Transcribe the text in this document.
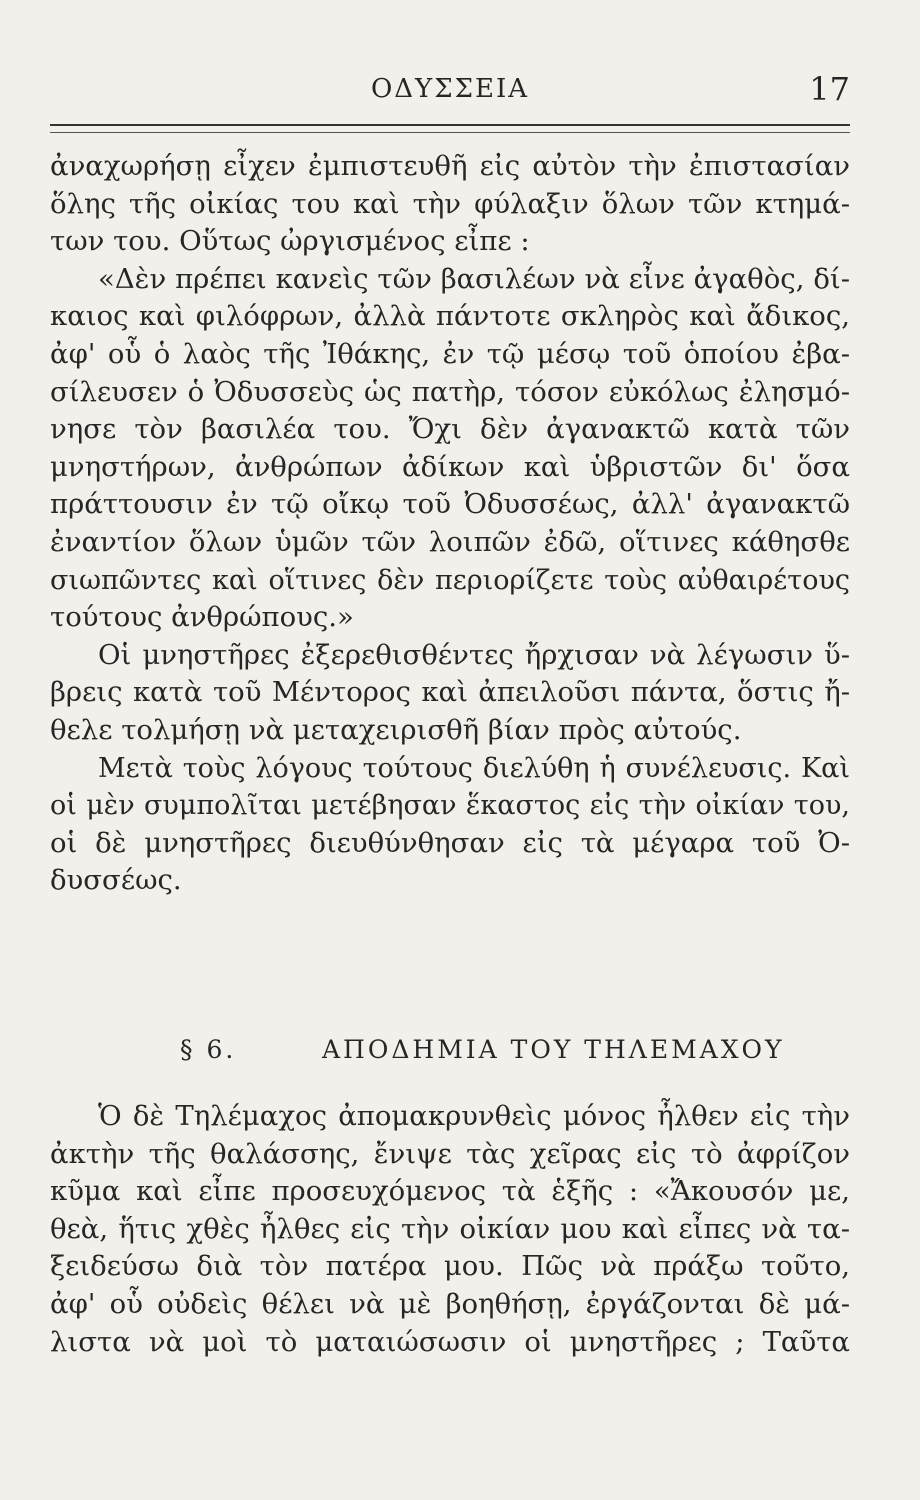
ΟΔΥΣΣΕΙΑ	17
ἀναχωρήσῃ εἶχεν ἐμπιστευθῆ εἰς αὐτὸν τὴν ἐπιστασίαν
ὅλης τῆς οἰκίας του καὶ τὴν φύλαξιν ὅλων τῶν κτημά-
των του. Οὕτως ὠργισμένος εἶπε :
«Δὲν πρέπει κανεὶς τῶν βασιλέων νὰ εἶνε ἀγαθὸς, δί-
καιος καὶ φιλόφρων, ἀλλὰ πάντοτε σκληρὸς καὶ ἄδικος,
ἀφ' οὗ ὁ λαὸς τῆς Ἰθάκης, ἐν τῷ μέσῳ τοῦ ὁποίου ἐβα-
σίλευσεν ὁ Ὀδυσσεὺς ὡς πατὴρ, τόσον εὐκόλως ἐλησμό-
νησε τὸν βασιλέα του. Ὄχι δὲν ἀγανακτῶ κατὰ τῶν
μνηστήρων, ἀνθρώπων ἀδίκων καὶ ὑβριστῶν δι' ὅσα
πράττουσιν ἐν τῷ οἴκῳ τοῦ Ὀδυσσέως, ἀλλ' ἀγανακτῶ
ἐναντίον ὅλων ὑμῶν τῶν λοιπῶν ἐδῶ, οἵτινες κάθησθε
σιωπῶντες καὶ οἵτινες δὲν περιορίζετε τοὺς αὐθαιρέτους
τούτους ἀνθρώπους.»
Οἱ μνηστῆρες ἐξερεθισθέντες ἤρχισαν νὰ λέγωσιν ὕ-
βρεις κατὰ τοῦ Μέντορος καὶ ἀπειλοῦσι πάντα, ὅστις ἤ-
θελε τολμήσῃ νὰ μεταχειρισθῆ βίαν πρὸς αὐτούς.
Μετὰ τοὺς λόγους τούτους διελύθη ἡ συνέλευσις. Καὶ
οἱ μὲν συμπολῖται μετέβησαν ἕκαστος εἰς τὴν οἰκίαν του,
οἱ δὲ μνηστῆρες διευθύνθησαν εἰς τὰ μέγαρα τοῦ Ὀ-
δυσσέως.
§ 6.	ΑΠΟΔΗΜΙΑ ΤΟΥ ΤΗΛΕΜΑΧΟΥ
Ὁ δὲ Τηλέμαχος ἀπομακρυνθεὶς μόνος ἦλθεν εἰς τὴν
ἀκτὴν τῆς θαλάσσης, ἔνιψε τὰς χεῖρας εἰς τὸ ἀφρίζον
κῦμα καὶ εἶπε προσευχόμενος τὰ ἑξῆς : «Ἄκουσόν με,
θεὰ, ἥτις χθὲς ἦλθες εἰς τὴν οἰκίαν μου καὶ εἶπες νὰ τα-
ξειδεύσω διὰ τὸν πατέρα μου. Πῶς νὰ πράξω τοῦτο,
ἀφ' οὗ οὐδεὶς θέλει νὰ μὲ βοηθήσῃ, ἐργάζονται δὲ μά-
λιστα νὰ μοὶ τὸ ματαιώσωσιν οἱ μνηστῆρες ; Ταῦτα
